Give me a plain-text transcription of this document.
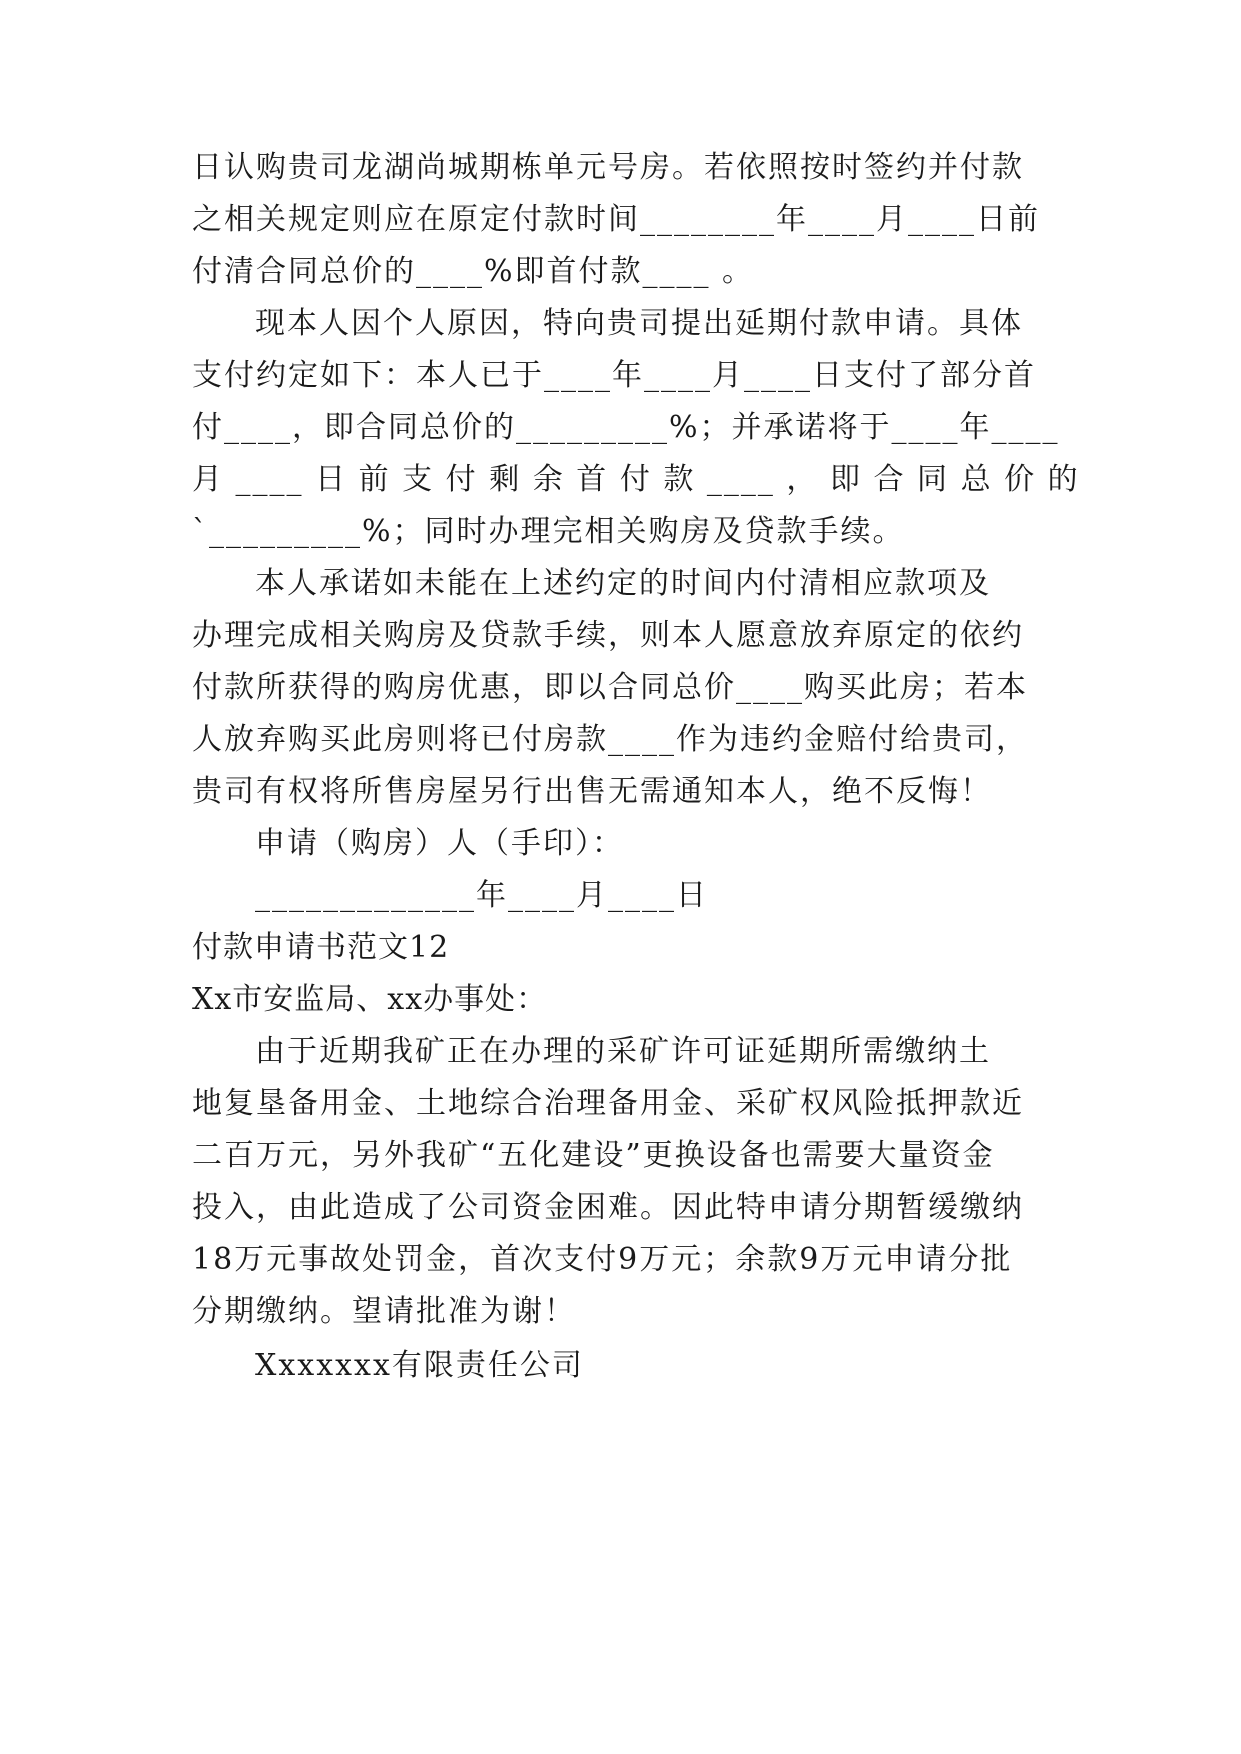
日认购贵司龙湖尚城期栋单元号房。若依照按时签约并付款
之相关规定则应在原定付款时间________年____月____日前
付清合同总价的____%即首付款____ 。
现本人因个人原因，特向贵司提出延期付款申请。具体
支付约定如下：本人已于____年____月____日支付了部分首
付____，即合同总价的_________%；并承诺将于____年____
月 ____ 日 前 支 付 剩 余 首 付 款 ____ ， 即 合 同 总 价 的
`_________%；同时办理完相关购房及贷款手续。
本人承诺如未能在上述约定的时间内付清相应款项及
办理完成相关购房及贷款手续，则本人愿意放弃原定的依约
付款所获得的购房优惠，即以合同总价____购买此房；若本
人放弃购买此房则将已付房款____作为违约金赔付给贵司，
贵司有权将所售房屋另行出售无需通知本人，绝不反悔！
申请（购房）人（手印）：
_____________年____月____日
付款申请书范文12
Xx市安监局、xx办事处：
由于近期我矿正在办理的采矿许可证延期所需缴纳土
地复垦备用金、土地综合治理备用金、采矿权风险抵押款近
二百万元，另外我矿“五化建设”更换设备也需要大量资金
投入，由此造成了公司资金困难。因此特申请分期暂缓缴纳
18万元事故处罚金，首次支付9万元；余款9万元申请分批
分期缴纳。望请批准为谢！
Xxxxxxx有限责任公司
